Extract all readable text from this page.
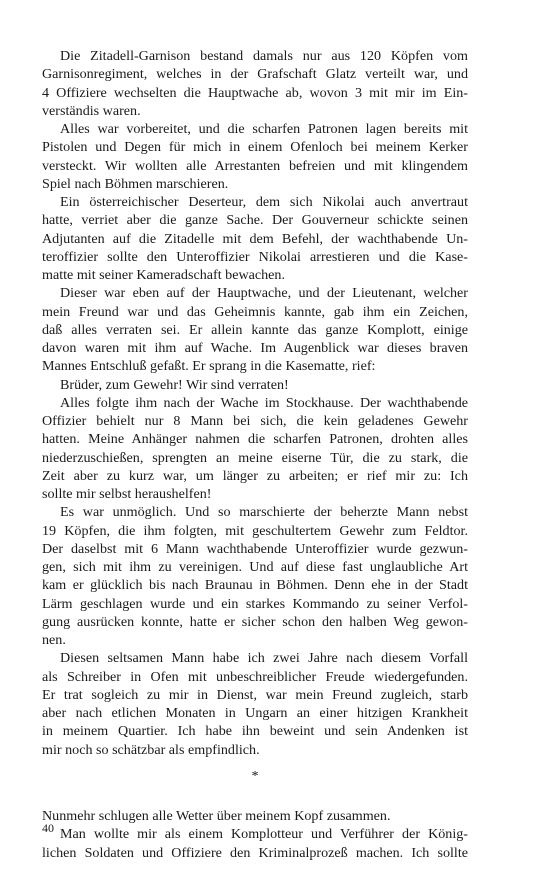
Die Zitadell-Garnison bestand damals nur aus 120 Köpfen vom
Garnisonregiment, welches in der Grafschaft Glatz verteilt war, und
4 Offiziere wechselten die Hauptwache ab, wovon 3 mit mir im Ein-
verständis waren.
Alles war vorbereitet, und die scharfen Patronen lagen bereits mit
Pistolen und Degen für mich in einem Ofenloch bei meinem Kerker
versteckt. Wir wollten alle Arrestanten befreien und mit klingendem
Spiel nach Böhmen marschieren.
Ein österreichischer Deserteur, dem sich Nikolai auch anvertraut
hatte, verriet aber die ganze Sache. Der Gouverneur schickte seinen
Adjutanten auf die Zitadelle mit dem Befehl, der wachthabende Un-
teroffizier sollte den Unteroffizier Nikolai arrestieren und die Kase-
matte mit seiner Kameradschaft bewachen.
Dieser war eben auf der Hauptwache, und der Lieutenant, welcher
mein Freund war und das Geheimnis kannte, gab ihm ein Zeichen,
daß alles verraten sei. Er allein kannte das ganze Komplott, einige
davon waren mit ihm auf Wache. Im Augenblick war dieses braven
Mannes Entschluß gefaßt. Er sprang in die Kasematte, rief:
Brüder, zum Gewehr! Wir sind verraten!
Alles folgte ihm nach der Wache im Stockhause. Der wachthabende
Offizier behielt nur 8 Mann bei sich, die kein geladenes Gewehr
hatten. Meine Anhänger nahmen die scharfen Patronen, drohten alles
niederzuschießen, sprengten an meine eiserne Tür, die zu stark, die
Zeit aber zu kurz war, um länger zu arbeiten; er rief mir zu: Ich
sollte mir selbst heraushelfen!
Es war unmöglich. Und so marschierte der beherzte Mann nebst
19 Köpfen, die ihm folgten, mit geschultertem Gewehr zum Feldtor.
Der daselbst mit 6 Mann wachthabende Unteroffizier wurde gezwun-
gen, sich mit ihm zu vereinigen. Und auf diese fast unglaubliche Art
kam er glücklich bis nach Braunau in Böhmen. Denn ehe in der Stadt
Lärm geschlagen wurde und ein starkes Kommando zu seiner Verfol-
gung ausrücken konnte, hatte er sicher schon den halben Weg gewon-
nen.
Diesen seltsamen Mann habe ich zwei Jahre nach diesem Vorfall
als Schreiber in Ofen mit unbeschreiblicher Freude wiedergefunden.
Er trat sogleich zu mir in Dienst, war mein Freund zugleich, starb
aber nach etlichen Monaten in Ungarn an einer hitzigen Krankheit
in meinem Quartier. Ich habe ihn beweint und sein Andenken ist
mir noch so schätzbar als empfindlich.
*
Nunmehr schlugen alle Wetter über meinem Kopf zusammen.
Man wollte mir als einem Komplotteur und Verführer der König-
lichen Soldaten und Offiziere den Kriminalprozeß machen. Ich sollte
40
